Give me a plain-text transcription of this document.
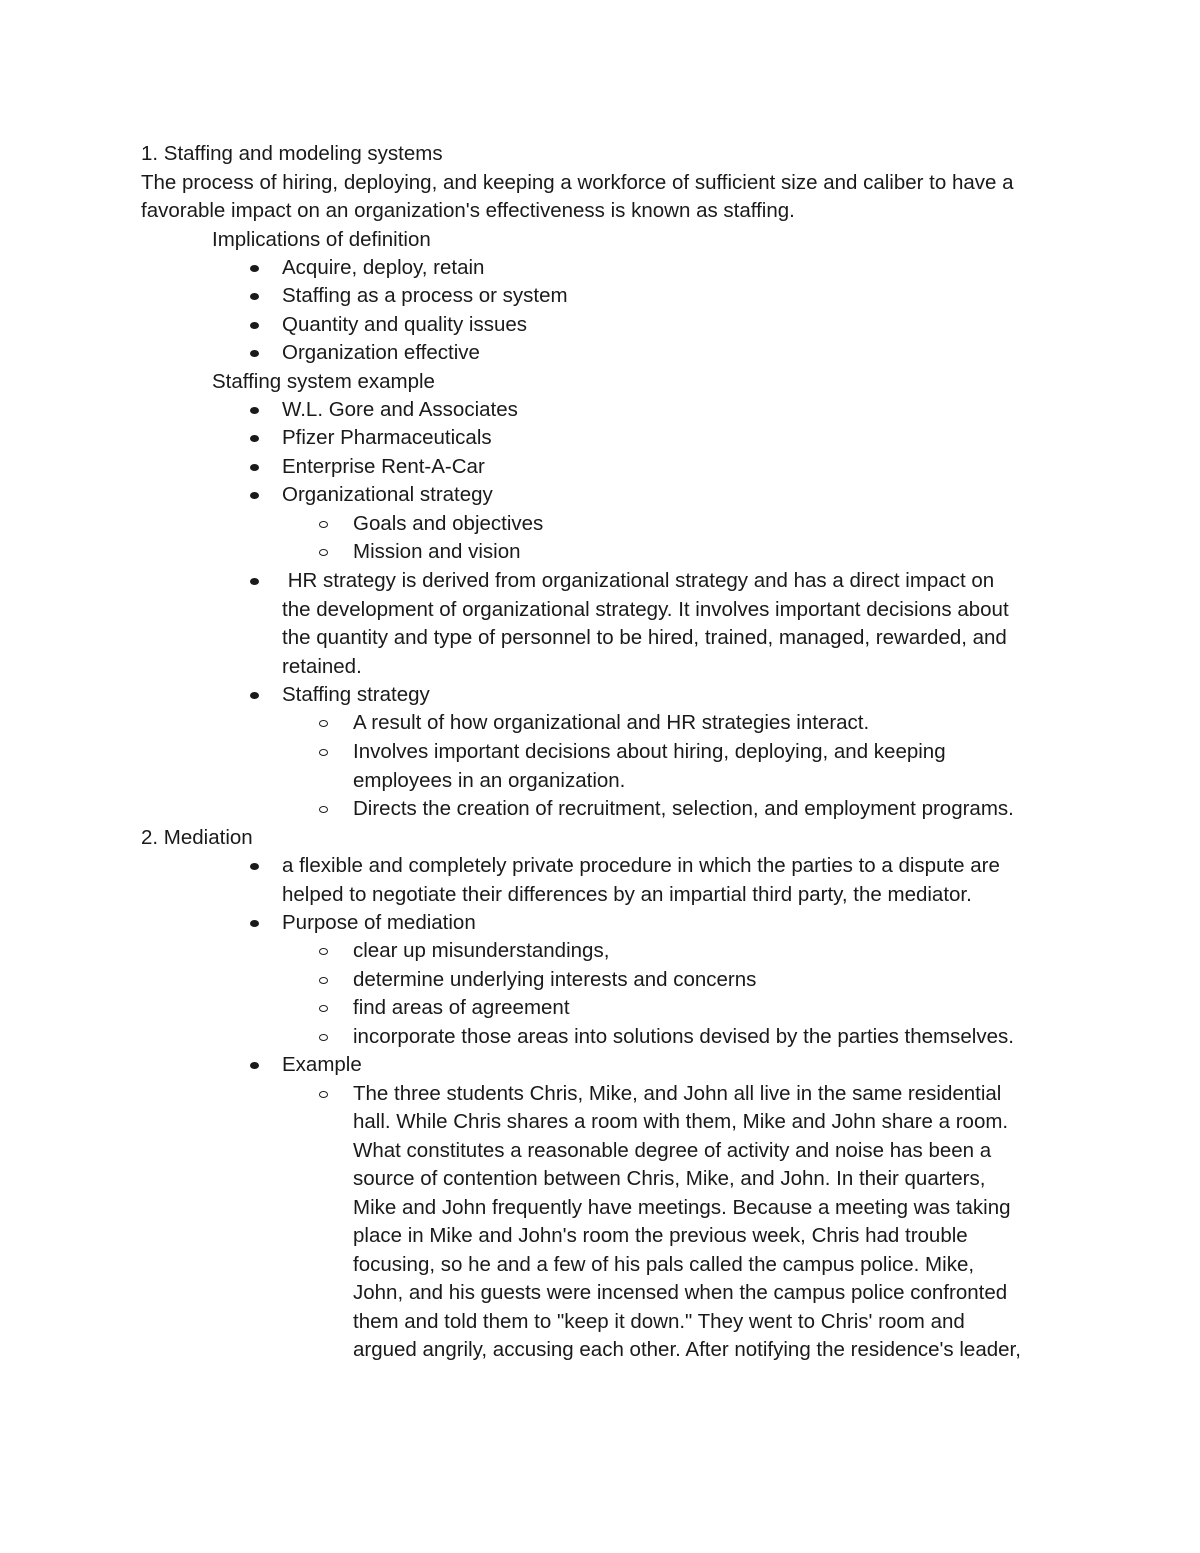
1. Staffing and modeling systems
The process of hiring, deploying, and keeping a workforce of sufficient size and caliber to have a
favorable impact on an organization's effectiveness is known as staffing.
Implications of definition
Acquire, deploy, retain
Staffing as a process or system
Quantity and quality issues
Organization effective
Staffing system example
W.L. Gore and Associates
Pfizer Pharmaceuticals
Enterprise Rent-A-Car
Organizational strategy
Goals and objectives
Mission and vision
HR strategy is derived from organizational strategy and has a direct impact on
the development of organizational strategy. It involves important decisions about
the quantity and type of personnel to be hired, trained, managed, rewarded, and
retained.
Staffing strategy
A result of how organizational and HR strategies interact.
Involves important decisions about hiring, deploying, and keeping
employees in an organization.
Directs the creation of recruitment, selection, and employment programs.
2. Mediation
a flexible and completely private procedure in which the parties to a dispute are
helped to negotiate their differences by an impartial third party, the mediator.
Purpose of mediation
clear up misunderstandings,
determine underlying interests and concerns
find areas of agreement
incorporate those areas into solutions devised by the parties themselves.
Example
The three students Chris, Mike, and John all live in the same residential
hall. While Chris shares a room with them, Mike and John share a room.
What constitutes a reasonable degree of activity and noise has been a
source of contention between Chris, Mike, and John. In their quarters,
Mike and John frequently have meetings. Because a meeting was taking
place in Mike and John's room the previous week, Chris had trouble
focusing, so he and a few of his pals called the campus police. Mike,
John, and his guests were incensed when the campus police confronted
them and told them to "keep it down." They went to Chris' room and
argued angrily, accusing each other. After notifying the residence's leader,
